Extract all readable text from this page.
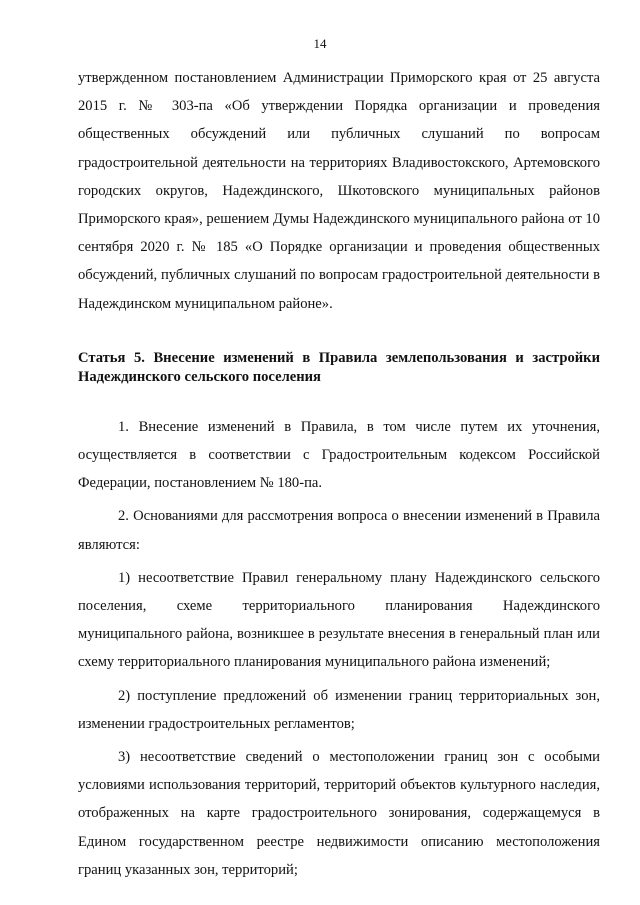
14

утвержденном постановлением Администрации Приморского края от 25 августа 2015 г. № 303-па «Об утверждении Порядка организации и проведения общественных обсуждений или публичных слушаний по вопросам градостроительной деятельности на территориях Владивостокского, Артемовского городских округов, Надеждинского, Шкотовского муниципальных районов Приморского края», решением Думы Надеждинского муниципального района от 10 сентября 2020 г. № 185 «О Порядке организации и проведения общественных обсуждений, публичных слушаний по вопросам градостроительной деятельности в Надеждинском муниципальном районе».

Статья 5. Внесение изменений в Правила землепользования и застройки Надеждинского сельского поселения

1. Внесение изменений в Правила, в том числе путем их уточнения, осуществляется в соответствии с Градостроительным кодексом Российской Федерации, постановлением № 180-па.

2. Основаниями для рассмотрения вопроса о внесении изменений в Правила являются:

1) несоответствие Правил генеральному плану Надеждинского сельского поселения, схеме территориального планирования Надеждинского муниципального района, возникшее в результате внесения в генеральный план или схему территориального планирования муниципального района изменений;

2) поступление предложений об изменении границ территориальных зон, изменении градостроительных регламентов;

3) несоответствие сведений о местоположении границ зон с особыми условиями использования территорий, территорий объектов культурного наследия, отображенных на карте градостроительного зонирования, содержащемуся в Едином государственном реестре недвижимости описанию местоположения границ указанных зон, территорий;
